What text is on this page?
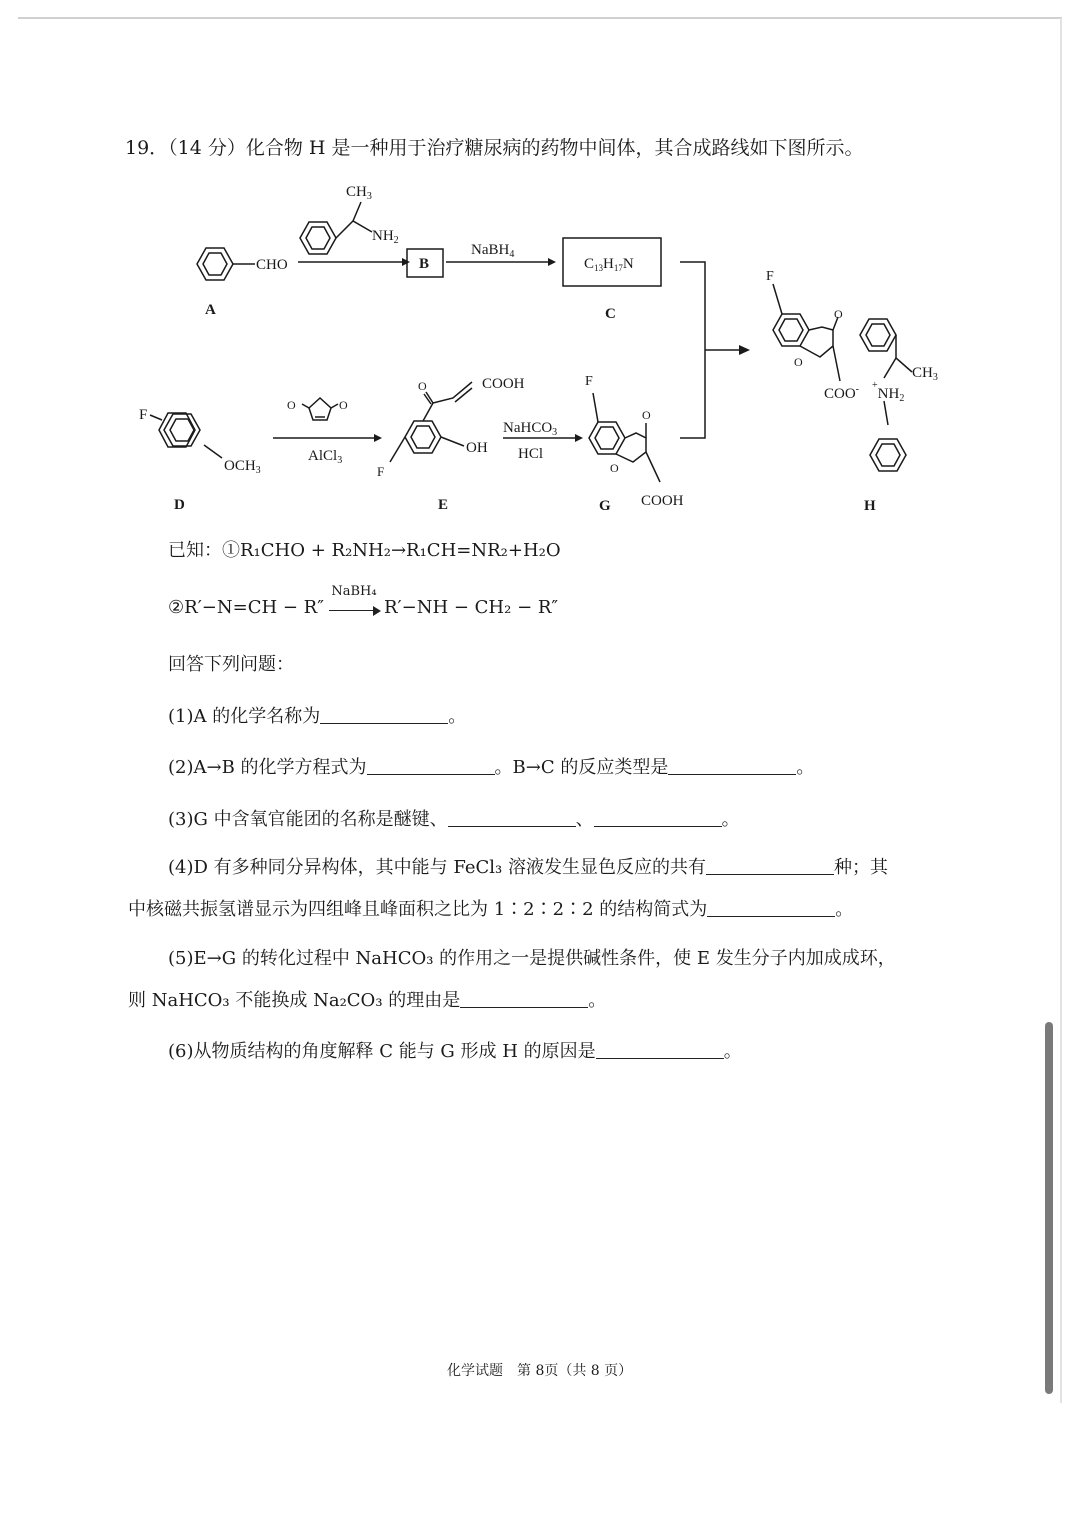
19．（14 分）化合物 H 是一种用于治疗糖尿病的药物中间体，其合成路线如下图所示。
CHO
$CH_3$
$NH_2$
B
NaBH$_4$
$C_{13}H_{17}N$
A	C
F
$OCH_3$
O	O
AlCl$_3$
D
COOH
OH
F
O
E
NaHCO$_3$
HCl
F
O
O
COOH
G
F
O
O
COO- $^+NH_2$
$CH_3$
H
已知：①R₁CHO + R₂NH₂→R₁CH=NR₂+H₂O
②R′−N=CH − R″
NaBH₄
R′−NH − CH₂ − R″
回答下列问题：
(1)A 的化学名称为	。
(2)A→B 的化学方程式为	。B→C 的反应类型是	。
(3)G 中含氧官能团的名称是醚键、	、	。
(4)D 有多种同分异构体，其中能与 FeCl₃ 溶液发生显色反应的共有	种；其
中核磁共振氢谱显示为四组峰且峰面积之比为 1∶2∶2∶2 的结构简式为	。
(5)E→G 的转化过程中 NaHCO₃ 的作用之一是提供碱性条件，使 E 发生分子内加成成环，
则 NaHCO₃ 不能换成 Na₂CO₃ 的理由是	。
(6)从物质结构的角度解释 C 能与 G 形成 H 的原因是	。
化学试题　第 8页（共 8 页）
